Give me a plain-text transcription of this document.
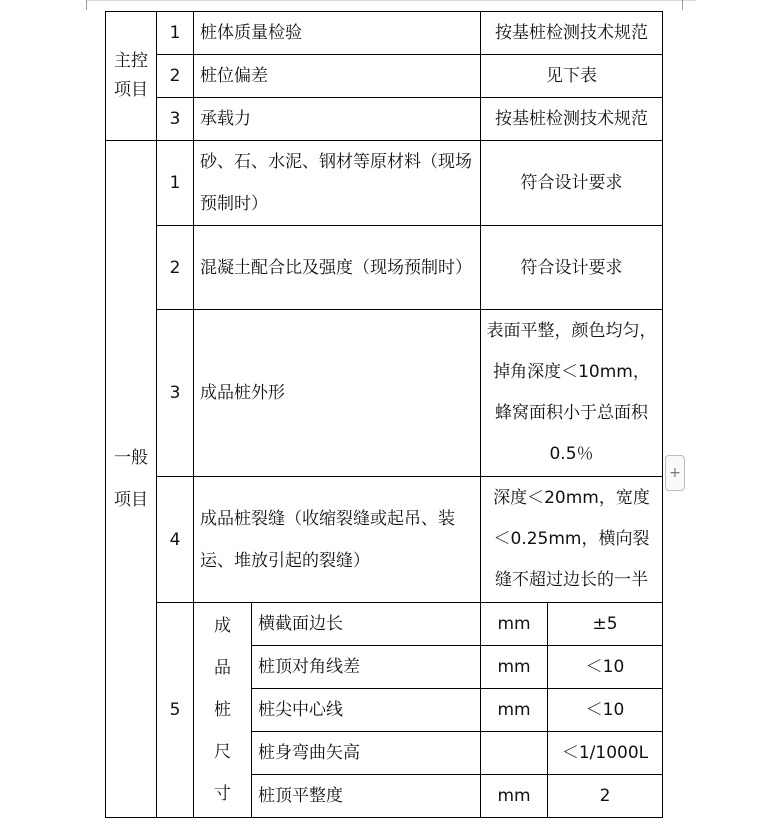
主控项目	1	桩体质量检验		按基桩检测技术规范	
	2	桩位偏差		见下表	
	3	承载力		按基桩检测技术规范	
一般项目	1	砂、石、水泥、钢材等原材料（现场预制时）		符合设计要求	
	2	混凝土配合比及强度（现场预制时）		符合设计要求	
	3	成品桩外形		表面平整，颜色均匀，掉角深度＜10mm，蜂窝面积小于总面积0.5％	
	4	成品桩裂缝（收缩裂缝或起吊、装运、堆放引起的裂缝）		深度＜20mm，宽度＜0.25mm，横向裂缝不超过边长的一半	
	5	成品桩尺寸	横截面边长	mm	±5
			桩顶对角线差	mm	＜10
			桩尖中心线	mm	＜10
			桩身弯曲矢高		＜1/1000L
			桩顶平整度	mm	2
+
